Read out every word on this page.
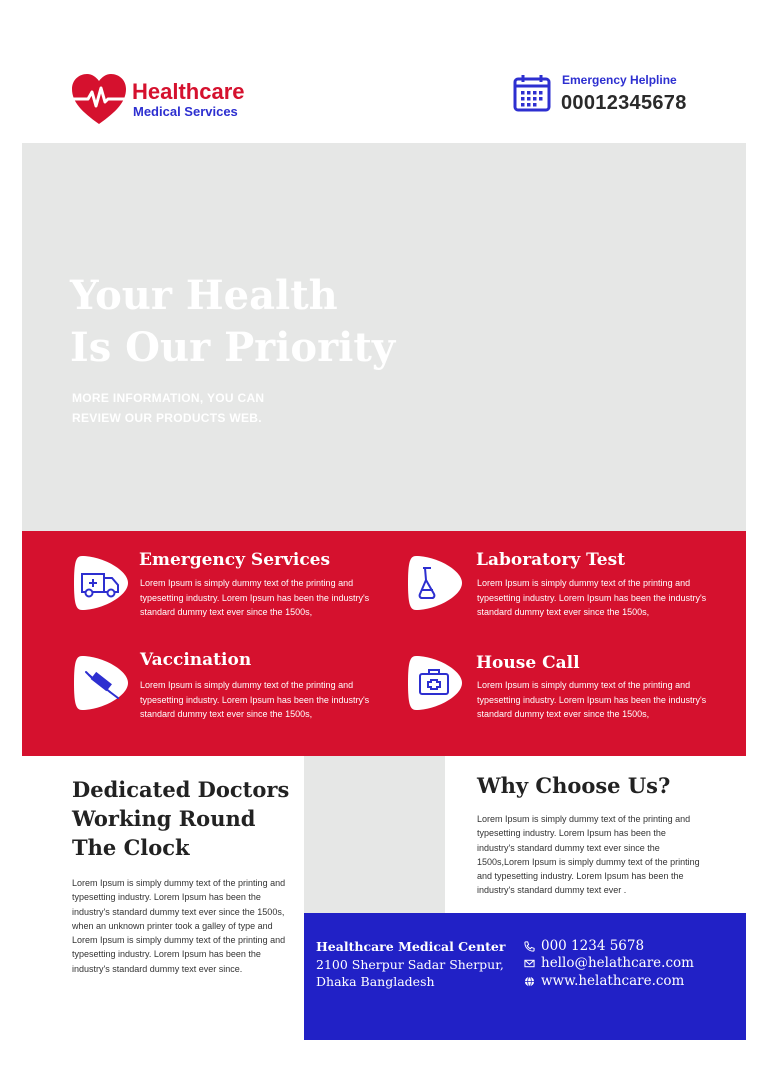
Healthcare
Medical Services
Emergency Helpline
00012345678
Your Health
Is Our Priority
MORE INFORMATION, YOU CAN
REVIEW OUR PRODUCTS WEB.
Emergency Services
Lorem Ipsum is simply dummy text of the printing and typesetting industry. Lorem Ipsum has been the industry's standard dummy text ever since the 1500s,
Laboratory Test
Lorem Ipsum is simply dummy text of the printing and typesetting industry. Lorem Ipsum has been the industry's standard dummy text ever since the 1500s,
Vaccination
Lorem Ipsum is simply dummy text of the printing and typesetting industry. Lorem Ipsum has been the industry's standard dummy text ever since the 1500s,
House Call
Lorem Ipsum is simply dummy text of the printing and typesetting industry. Lorem Ipsum has been the industry's standard dummy text ever since the 1500s,
Dedicated Doctors
Working Round
The Clock
Lorem Ipsum is simply dummy text of the printing and typesetting industry. Lorem Ipsum has been the industry's standard dummy text ever since the 1500s, when an unknown printer took a galley of type and Lorem Ipsum is simply dummy text of the printing and typesetting industry. Lorem Ipsum has been the industry's standard dummy text ever since.
Why Choose Us?
Lorem Ipsum is simply dummy text of the printing and typesetting industry. Lorem Ipsum has been the industry's standard dummy text ever since the 1500s,Lorem Ipsum is simply dummy text of the printing and typesetting industry. Lorem Ipsum has been the industry's standard dummy text ever .
Healthcare Medical Center
2100 Sherpur Sadar Sherpur,
Dhaka Bangladesh
000 1234 5678
hello@helathcare.com
www.helathcare.com
